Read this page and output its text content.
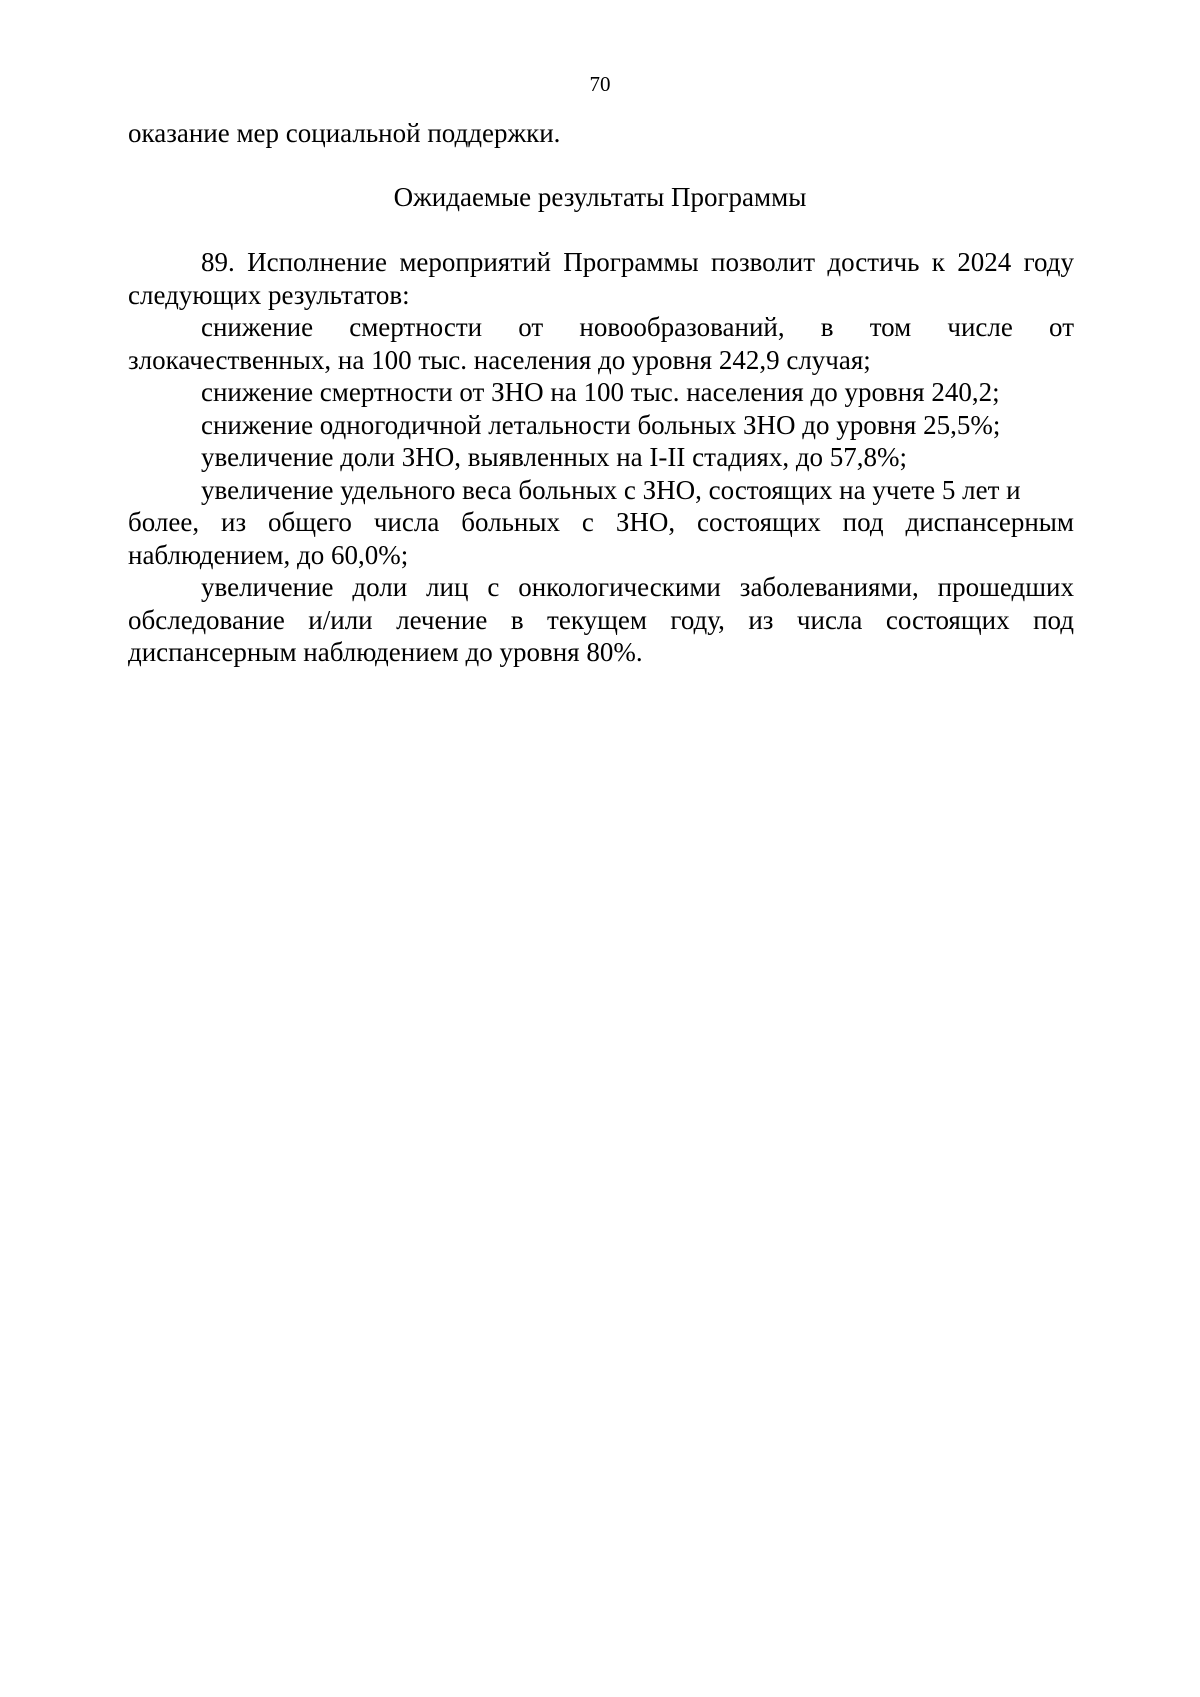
70
оказание мер социальной поддержки.
Ожидаемые результаты Программы

89. Исполнение мероприятий Программы позволит достичь к 2024 году следующих результатов:

снижение смертности от новообразований, в том числе от злокачественных, на 100 тыс. населения до уровня 242,9 случая;

снижение смертности от ЗНО на 100 тыс. населения до уровня 240,2;

снижение одногодичной летальности больных ЗНО до уровня 25,5%;

увеличение доли ЗНО, выявленных на I-II стадиях, до 57,8%;

увеличение удельного веса больных с ЗНО, состоящих на учете 5 лет и

более, из общего числа больных с ЗНО, состоящих под диспансерным наблюдением, до 60,0%;

увеличение доли лиц с онкологическими заболеваниями, прошедших обследование и/или лечение в текущем году, из числа состоящих под диспансерным наблюдением до уровня 80%.
